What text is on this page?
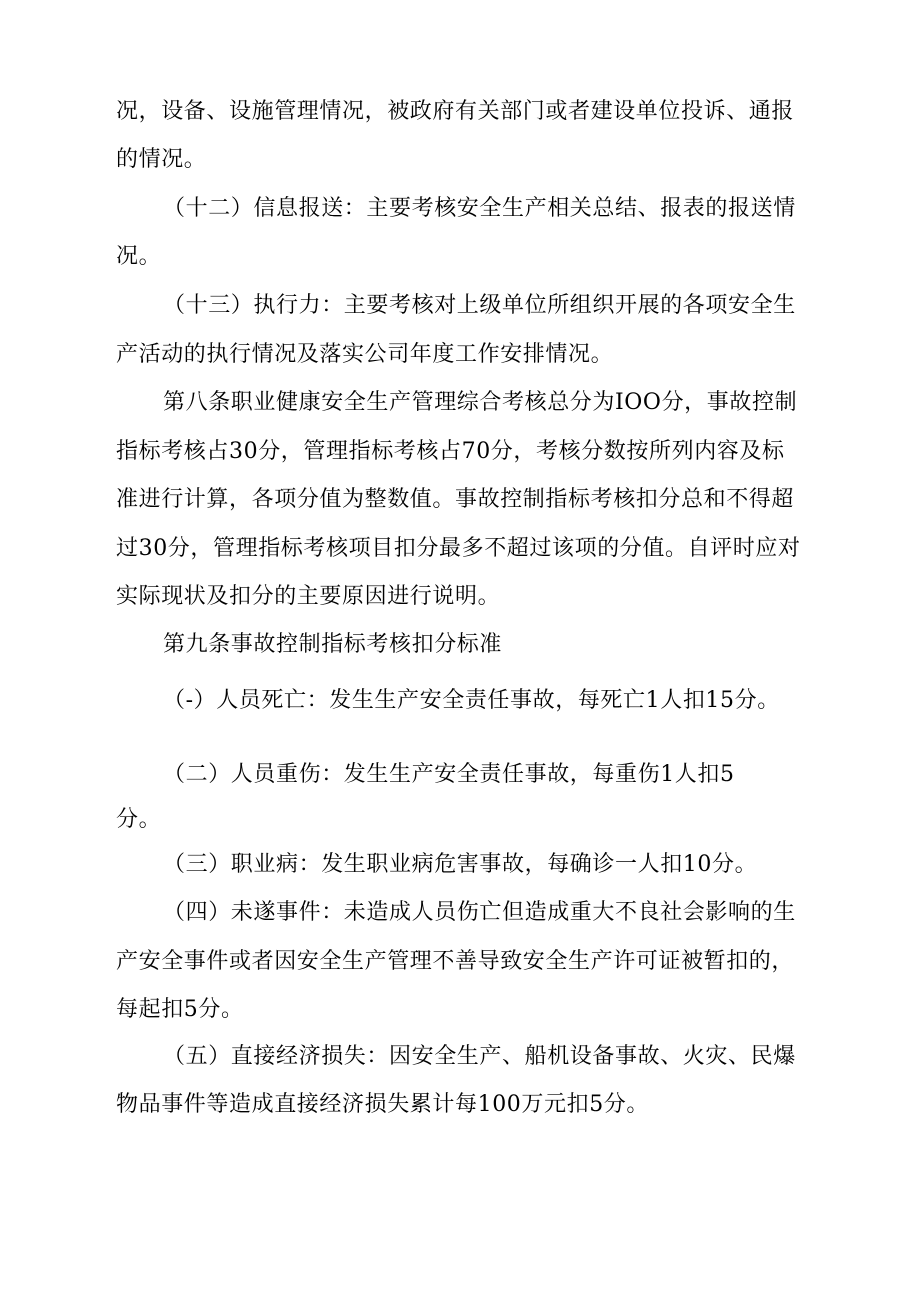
况，设备、设施管理情况，被政府有关部门或者建设单位投诉、通报
的情况。
（十二）信息报送：主要考核安全生产相关总结、报表的报送情
况。
（十三）执行力：主要考核对上级单位所组织开展的各项安全生
产活动的执行情况及落实公司年度工作安排情况。
第八条职业健康安全生产管理综合考核总分为IOO分，事故控制
指标考核占30分，管理指标考核占70分，考核分数按所列内容及标
准进行计算，各项分值为整数值。事故控制指标考核扣分总和不得超
过30分，管理指标考核项目扣分最多不超过该项的分值。自评时应对
实际现状及扣分的主要原因进行说明。
第九条事故控制指标考核扣分标准
（-）人员死亡：发生生产安全责任事故，每死亡1人扣15分。
（二）人员重伤：发生生产安全责任事故，每重伤1人扣5
分。
（三）职业病：发生职业病危害事故，每确诊一人扣10分。
（四）未遂事件：未造成人员伤亡但造成重大不良社会影响的生
产安全事件或者因安全生产管理不善导致安全生产许可证被暂扣的，
每起扣5分。
（五）直接经济损失：因安全生产、船机设备事故、火灾、民爆
物品事件等造成直接经济损失累计每100万元扣5分。
